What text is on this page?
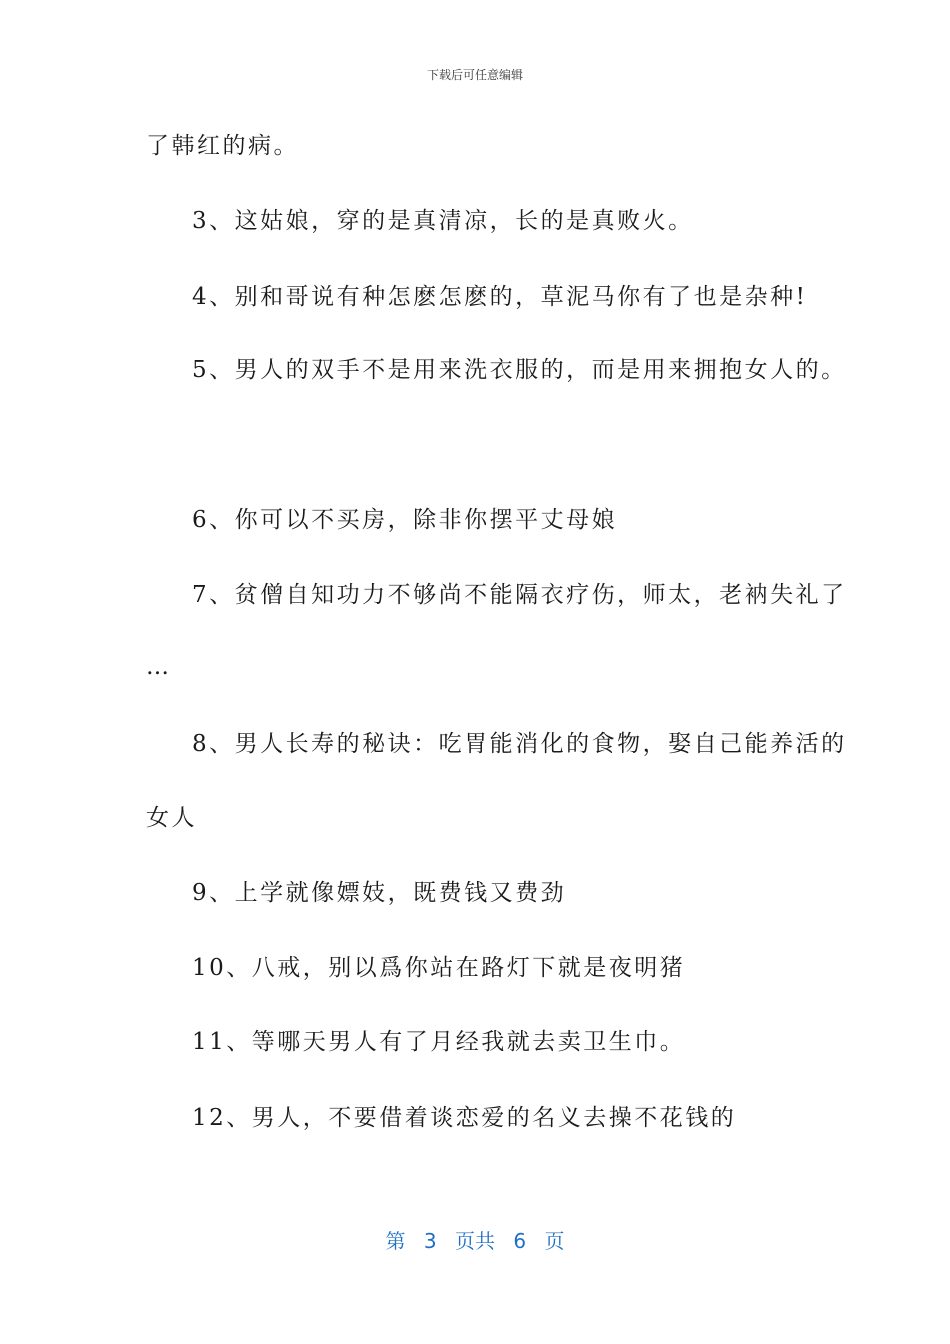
下载后可任意编辑
了韩红的病。
3、这姑娘，穿的是真清凉，长的是真败火。
4、别和哥说有种怎麽怎麽的，草泥马你有了也是杂种!
5、男人的双手不是用来洗衣服的，而是用来拥抱女人的。
6、你可以不买房，除非你摆平丈母娘
7、贫僧自知功力不够尚不能隔衣疗伤，师太，老衲失礼了
…
8、男人长寿的秘诀：吃胃能消化的食物，娶自己能养活的
女人
9、上学就像嫖妓，既费钱又费劲
10、八戒，别以爲你站在路灯下就是夜明猪
11、等哪天男人有了月经我就去卖卫生巾。
12、男人，不要借着谈恋爱的名义去操不花钱的
第 3 页共 6 页
